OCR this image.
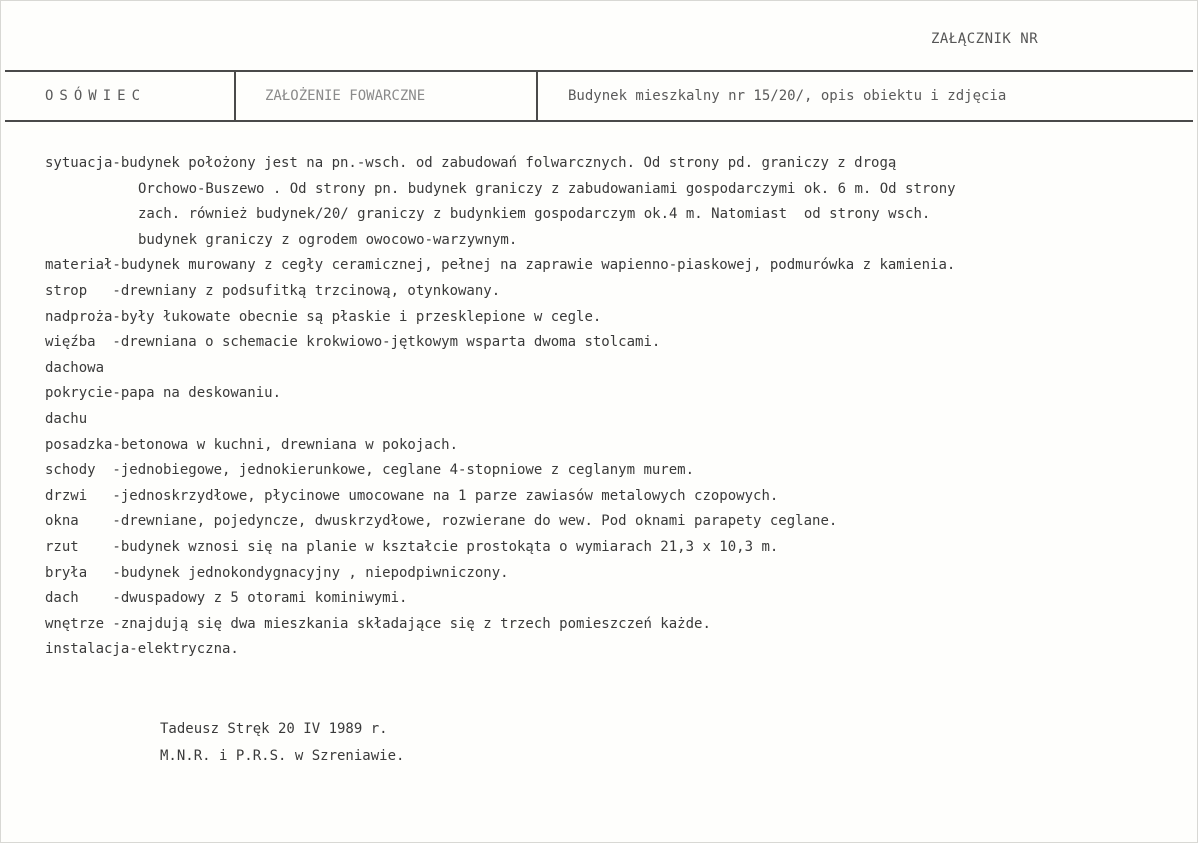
ZAŁĄCZNIK NR
OSÓWIEC	ZAŁOŻENIE FOWARCZNE	Budynek mieszkalny nr 15/20/, opis obiektu i zdjęcia
sytuacja-budynek położony jest na pn.-wsch. od zabudowań folwarcznych. Od strony pd. graniczy z drogą
Orchowo-Buszewo . Od strony pn. budynek graniczy z zabudowaniami gospodarczymi ok. 6 m. Od strony
zach. również budynek/20/ graniczy z budynkiem gospodarczym ok.4 m. Natomiast  od strony wsch.
budynek graniczy z ogrodem owocowo-warzywnym.
materiał-budynek murowany z cegły ceramicznej, pełnej na zaprawie wapienno-piaskowej, podmurówka z kamienia.
strop   -drewniany z podsufitką trzcinową, otynkowany.
nadproża-były łukowate obecnie są płaskie i przesklepione w cegle.
więźba  -drewniana o schemacie krokwiowo-jętkowym wsparta dwoma stolcami.
dachowa
pokrycie-papa na deskowaniu.
dachu
posadzka-betonowa w kuchni, drewniana w pokojach.
schody  -jednobiegowe, jednokierunkowe, ceglane 4-stopniowe z ceglanym murem.
drzwi   -jednoskrzydłowe, płycinowe umocowane na 1 parze zawiasów metalowych czopowych.
okna    -drewniane, pojedyncze, dwuskrzydłowe, rozwierane do wew. Pod oknami parapety ceglane.
rzut    -budynek wznosi się na planie w kształcie prostokąta o wymiarach 21,3 x 10,3 m.
bryła   -budynek jednokondygnacyjny , niepodpiwniczony.
dach    -dwuspadowy z 5 otorami kominiwymi.
wnętrze -znajdują się dwa mieszkania składające się z trzech pomieszczeń każde.
instalacja-elektryczna.
Tadeusz Stręk 20 IV 1989 r.
M.N.R. i P.R.S. w Szreniawie.
